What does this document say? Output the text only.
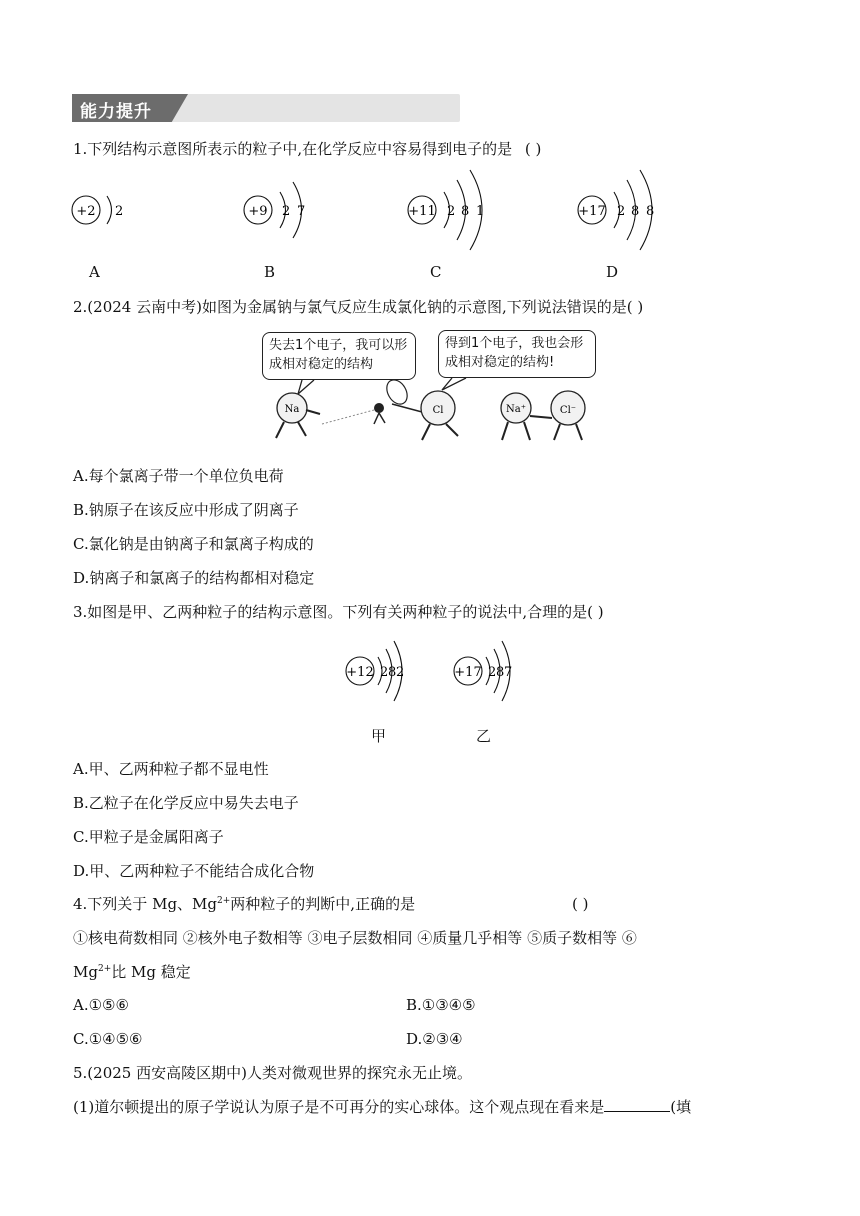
能力提升
1.下列结构示意图所表示的粒子中,在化学反应中容易得到电子的是 ( )
+2 2	+9 2 7	+11 2 8 1	+17 2 8 8
A	B	C	D
2.(2024 云南中考)如图为金属钠与氯气反应生成氯化钠的示意图,下列说法错误的是( )
失去1个电子，我可以形成相对稳定的结构
得到1个电子，我也会形成相对稳定的结构!
Na	Cl	Na⁺	Cl⁻
A.每个氯离子带一个单位负电荷
B.钠原子在该反应中形成了阴离子
C.氯化钠是由钠离子和氯离子构成的
D.钠离子和氯离子的结构都相对稳定
3.如图是甲、乙两种粒子的结构示意图。下列有关两种粒子的说法中,合理的是( )
+12 2 8 2	+17 2 8 7
甲	乙
A.甲、乙两种粒子都不显电性
B.乙粒子在化学反应中易失去电子
C.甲粒子是金属阳离子
D.甲、乙两种粒子不能结合成化合物
4.下列关于 Mg、$Mg^{2+}$两种粒子的判断中,正确的是	( )
①核电荷数相同 ②核外电子数相等 ③电子层数相同 ④质量几乎相等 ⑤质子数相等 ⑥
$Mg^{2+}$比 Mg 稳定
A.①⑤⑥	B.①③④⑤
C.①④⑤⑥	D.②③④
5.(2025 西安高陵区期中)人类对微观世界的探究永无止境。
(1)道尔顿提出的原子学说认为原子是不可再分的实心球体。这个观点现在看来是	(填
